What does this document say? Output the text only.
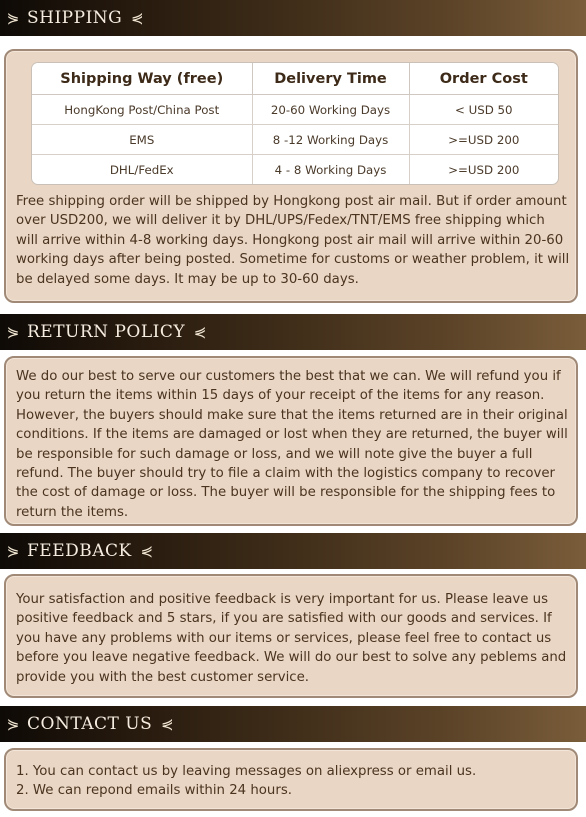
⋟ SHIPPING ⋞
Shipping Way (free)	Delivery Time	Order Cost
HongKong Post/China Post	20-60 Working Days	< USD 50
EMS	8 -12 Working Days	>=USD 200
DHL/FedEx	4 - 8 Working Days	>=USD 200

Free shipping order will be shipped by Hongkong post air mail. But if order amount over USD200, we will deliver it by DHL/UPS/Fedex/TNT/EMS free shipping which will arrive within 4-8 working days. Hongkong post air mail will arrive within 20-60 working days after being posted. Sometime for customs or weather problem, it will be delayed some days. It may be up to 30-60 days.

⋟ RETURN POLICY ⋞

We do our best to serve our customers the best that we can. We will refund you if you return the items within 15 days of your receipt of the items for any reason. However, the buyers should make sure that the items returned are in their original conditions. If the items are damaged or lost when they are returned, the buyer will be responsible for such damage or loss, and we will note give the buyer a full refund. The buyer should try to file a claim with the logistics company to recover the cost of damage or loss. The buyer will be responsible for the shipping fees to return the items.

⋟ FEEDBACK ⋞

Your satisfaction and positive feedback is very important for us. Please leave us positive feedback and 5 stars, if you are satisfied with our goods and services. If you have any problems with our items or services, please feel free to contact us before you leave negative feedback. We will do our best to solve any peblems and provide you with the best customer service.

⋟ CONTACT US ⋞

1. You can contact us by leaving messages on aliexpress or email us.

2. We can repond emails within 24 hours.
